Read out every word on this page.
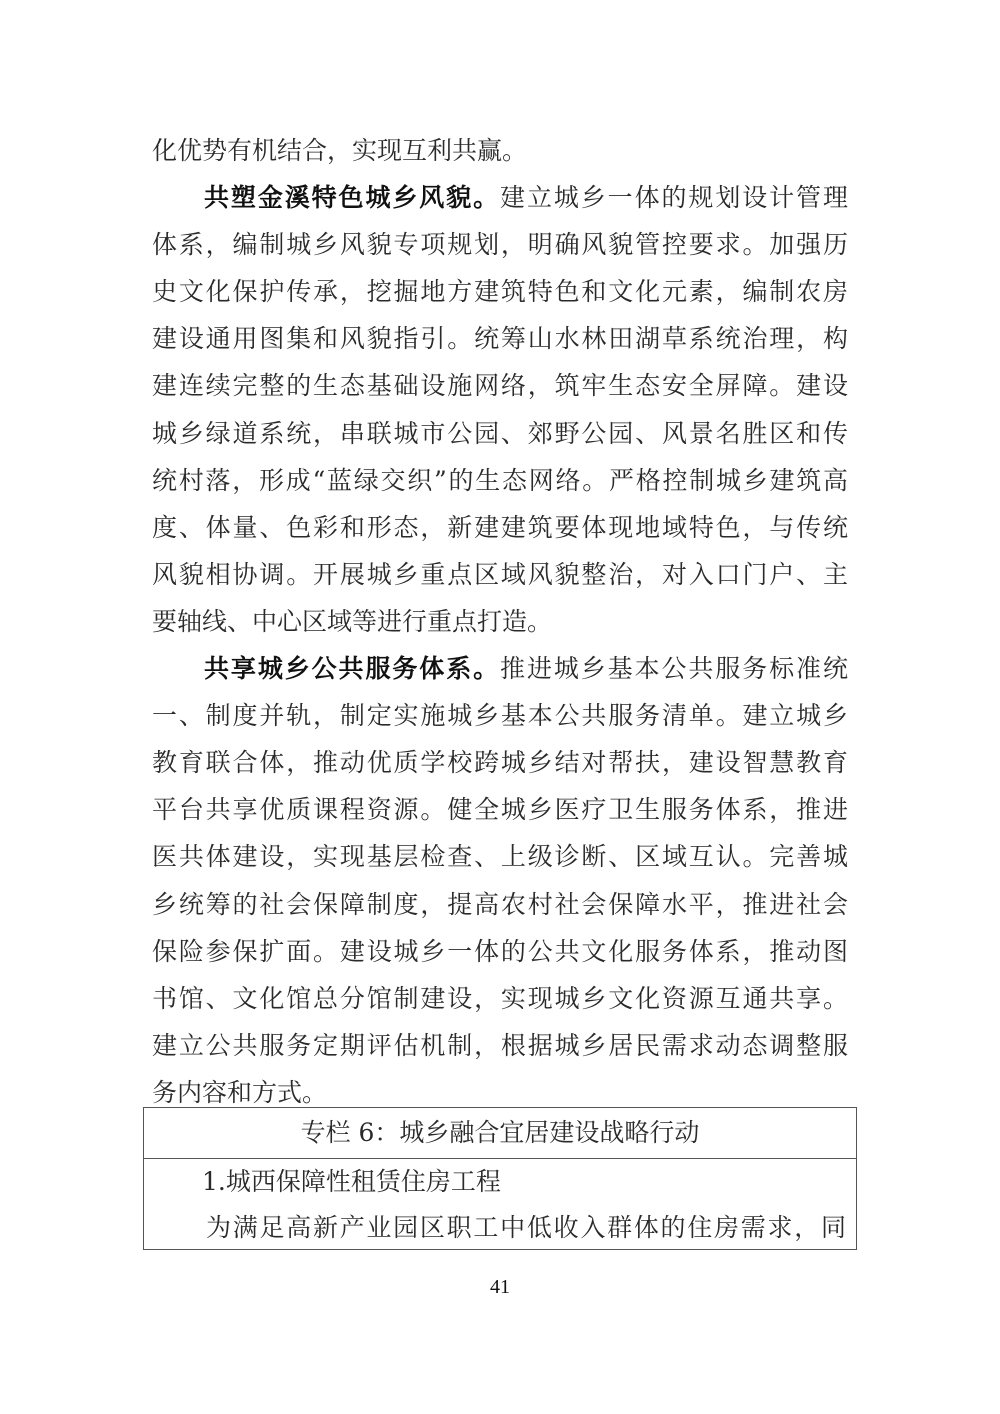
化优势有机结合，实现互利共赢。
共塑金溪特色城乡风貌。建立城乡一体的规划设计管理
体系，编制城乡风貌专项规划，明确风貌管控要求。加强历
史文化保护传承，挖掘地方建筑特色和文化元素，编制农房
建设通用图集和风貌指引。统筹山水林田湖草系统治理，构
建连续完整的生态基础设施网络，筑牢生态安全屏障。建设
城乡绿道系统，串联城市公园、郊野公园、风景名胜区和传
统村落，形成“蓝绿交织”的生态网络。严格控制城乡建筑高
度、体量、色彩和形态，新建建筑要体现地域特色，与传统
风貌相协调。开展城乡重点区域风貌整治，对入口门户、主
要轴线、中心区域等进行重点打造。
共享城乡公共服务体系。推进城乡基本公共服务标准统
一、制度并轨，制定实施城乡基本公共服务清单。建立城乡
教育联合体，推动优质学校跨城乡结对帮扶，建设智慧教育
平台共享优质课程资源。健全城乡医疗卫生服务体系，推进
医共体建设，实现基层检查、上级诊断、区域互认。完善城
乡统筹的社会保障制度，提高农村社会保障水平，推进社会
保险参保扩面。建设城乡一体的公共文化服务体系，推动图
书馆、文化馆总分馆制建设，实现城乡文化资源互通共享。
建立公共服务定期评估机制，根据城乡居民需求动态调整服
务内容和方式。
专栏 6：城乡融合宜居建设战略行动
1.城西保障性租赁住房工程
为满足高新产业园区职工中低收入群体的住房需求，同
41
